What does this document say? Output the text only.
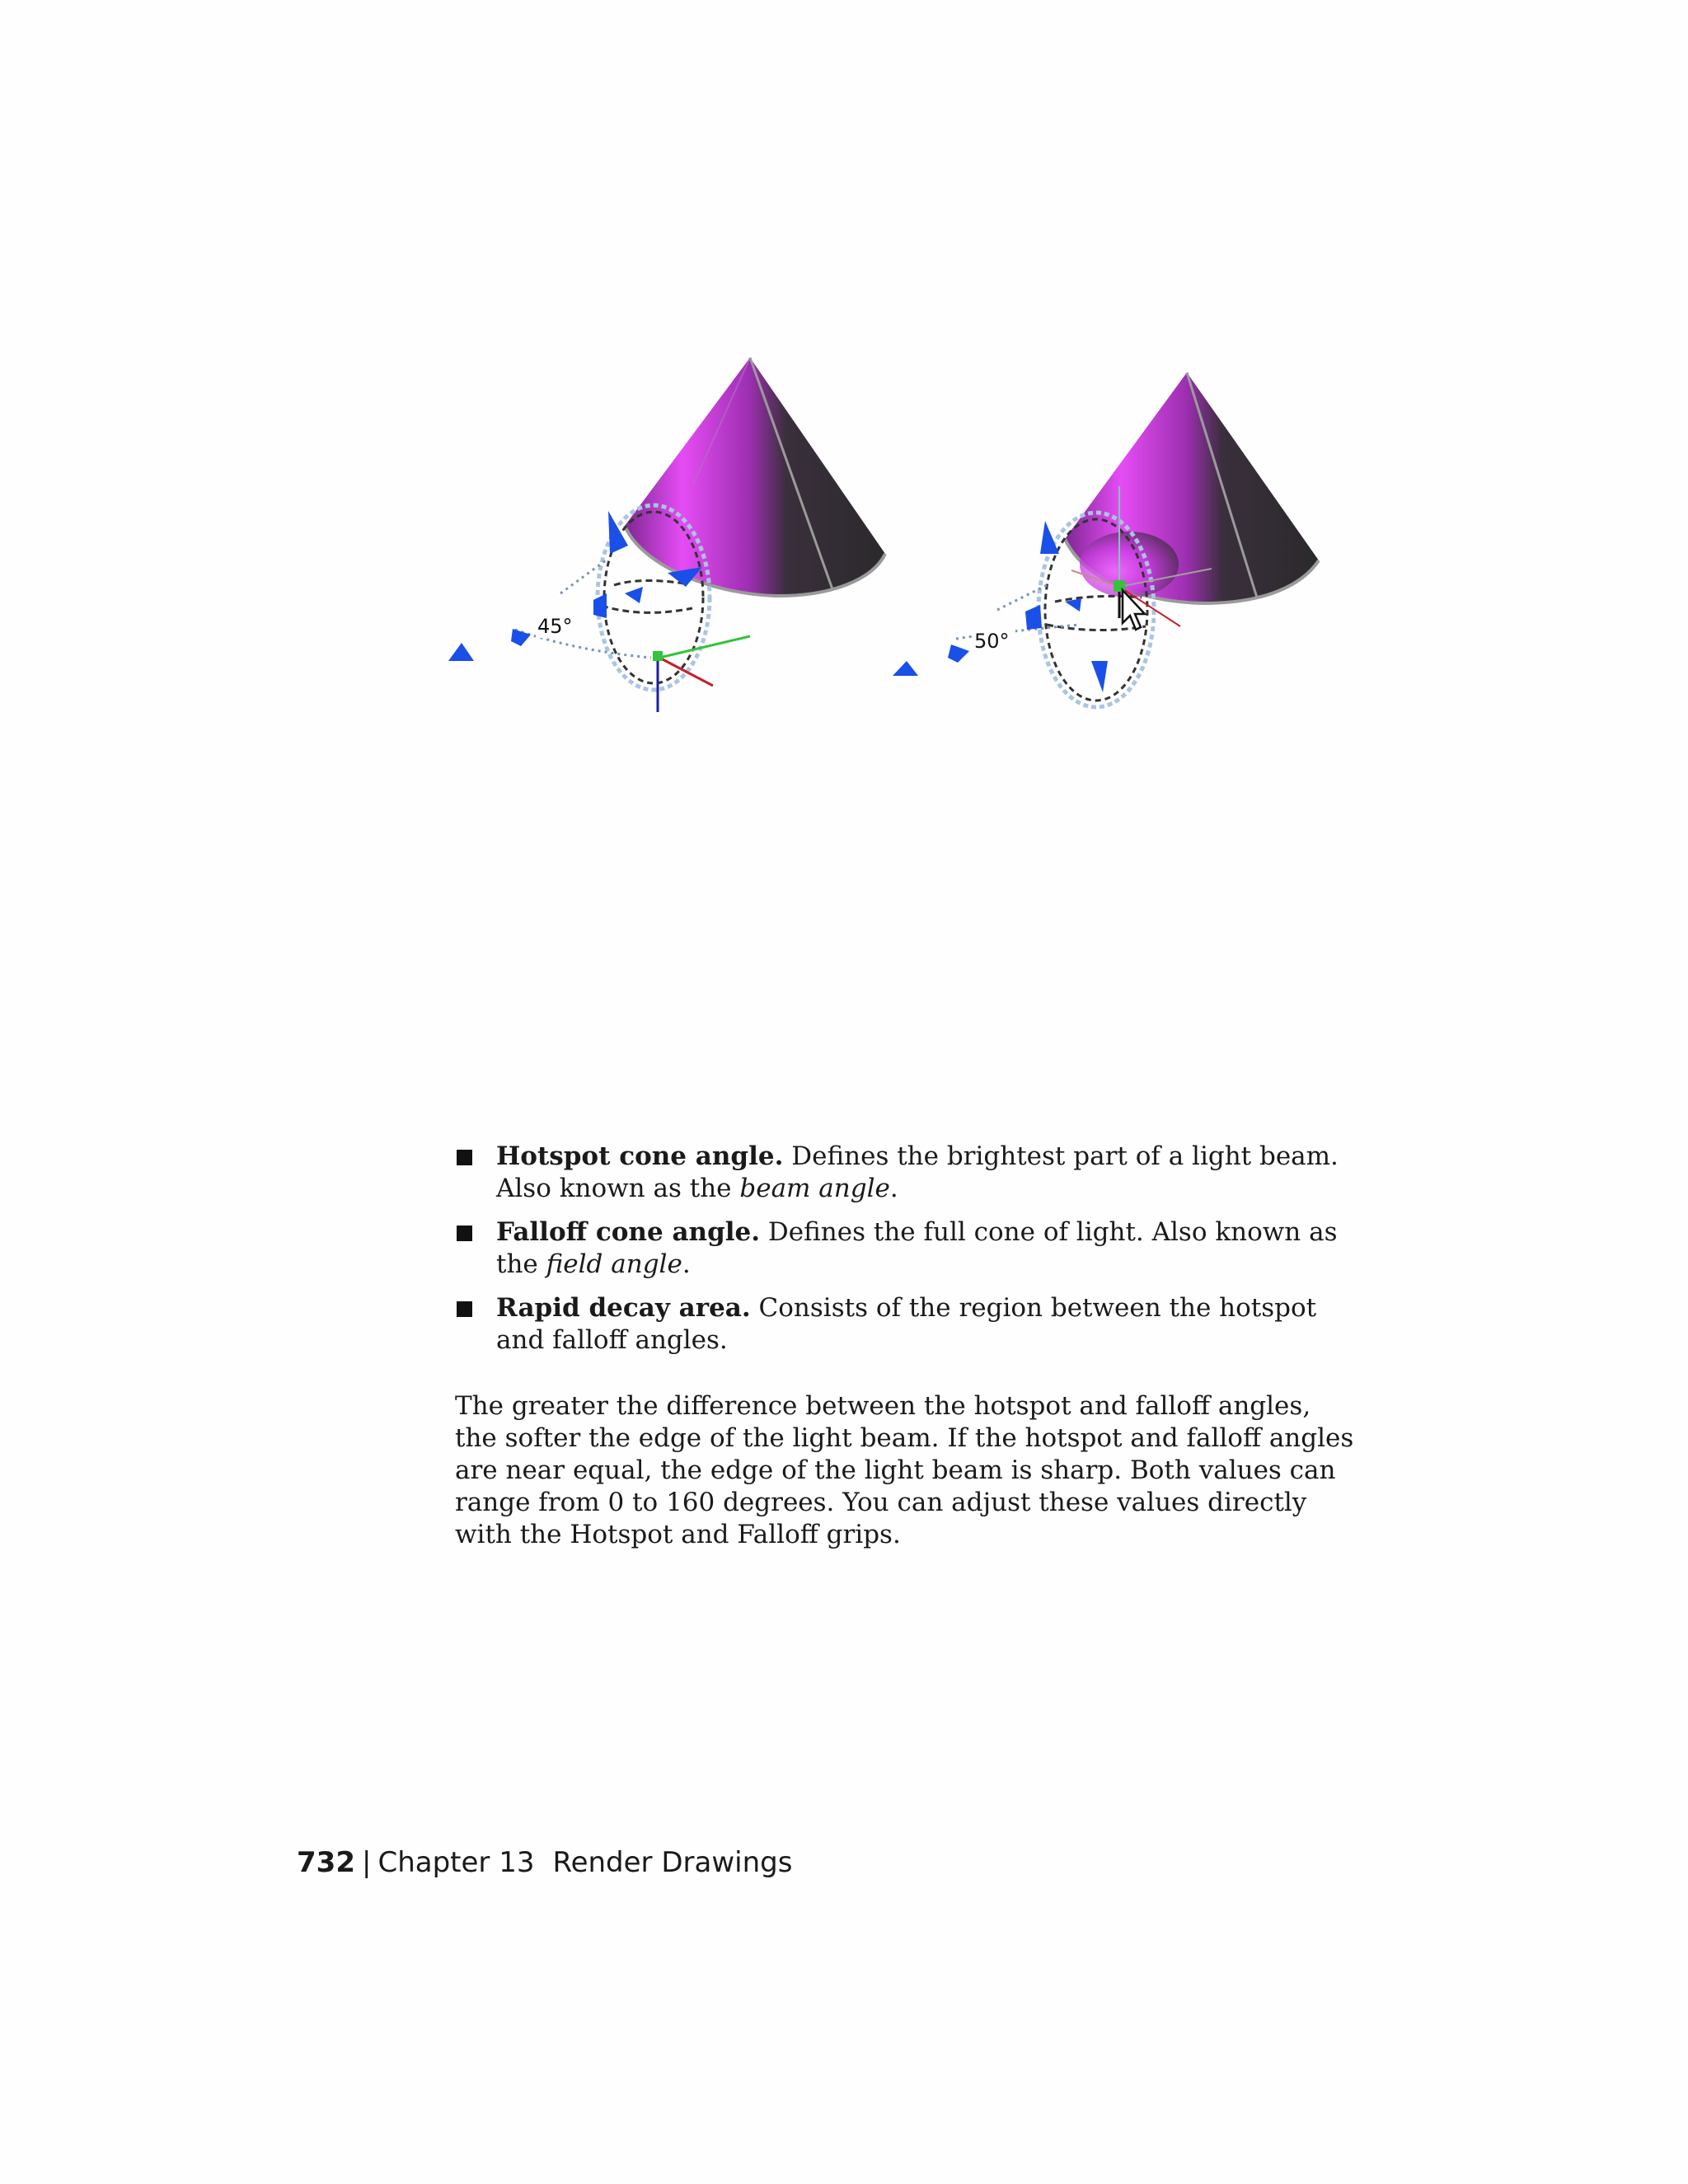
45°
50°
Hotspot cone angle. Defines the brightest part of a light beam. Also known as the beam angle.
Falloff cone angle. Defines the full cone of light. Also known as the field angle.
Rapid decay area. Consists of the region between the hotspot and falloff angles.

The greater the difference between the hotspot and falloff angles, the softer the edge of the light beam. If the hotspot and falloff angles are near equal, the edge of the light beam is sharp. Both values can range from 0 to 160 degrees. You can adjust these values directly with the Hotspot and Falloff grips.

732 | Chapter 13 Render Drawings
